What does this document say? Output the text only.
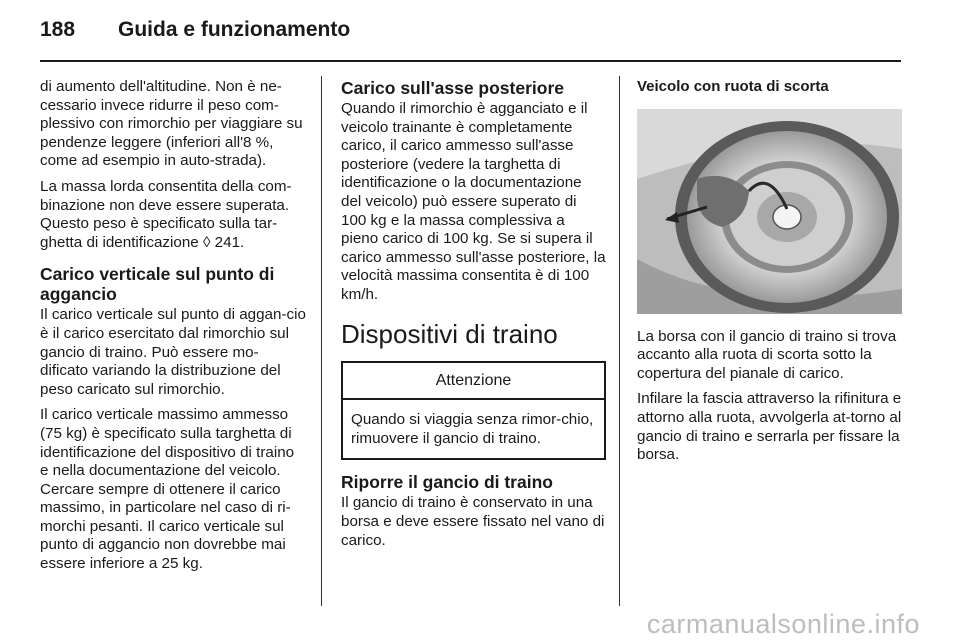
188 Guida e funzionamento

di aumento dell'altitudine. Non è ne-cessario invece ridurre il peso com-plessivo con rimorchio per viaggiare su pendenze leggere (inferiori all'8 %, come ad esempio in auto-strada).

La massa lorda consentita della com-binazione non deve essere superata. Questo peso è specificato sulla tar-ghetta di identificazione ◊ 241.

Carico verticale sul punto di aggancio

Il carico verticale sul punto di aggan-cio è il carico esercitato dal rimorchio sul gancio di traino. Può essere mo-dificato variando la distribuzione del peso caricato sul rimorchio.

Il carico verticale massimo ammesso (75 kg) è specificato sulla targhetta di identificazione del dispositivo di traino e nella documentazione del veicolo. Cercare sempre di ottenere il carico massimo, in particolare nel caso di ri-morchi pesanti. Il carico verticale sul punto di aggancio non dovrebbe mai essere inferiore a 25 kg.

Carico sull'asse posteriore

Quando il rimorchio è agganciato e il veicolo trainante è completamente carico, il carico ammesso sull'asse posteriore (vedere la targhetta di identificazione o la documentazione del veicolo) può essere superato di 100 kg e la massa complessiva a pieno carico di 100 kg. Se si supera il carico ammesso sull'asse posteriore, la velocità massima consentita è di 100 km/h.

Dispositivi di traino
Attenzione
Quando si viaggia senza rimor-chio, rimuovere il gancio di traino.
Riporre il gancio di traino

Il gancio di traino è conservato in una borsa e deve essere fissato nel vano di carico.

Veicolo con ruota di scorta

La borsa con il gancio di traino si trova accanto alla ruota di scorta sotto la copertura del pianale di carico.

Infilare la fascia attraverso la rifinitura e attorno alla ruota, avvolgerla at-torno al gancio di traino e serrarla per fissare la borsa.

carmanualsonline.info
